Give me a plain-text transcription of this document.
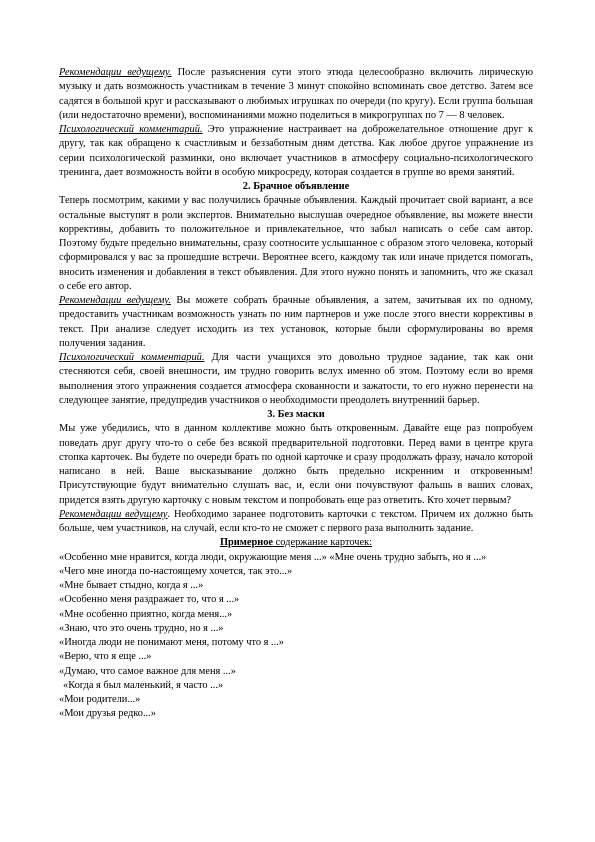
Рекомендации ведущему. После разъяснения сути этого этюда целесообразно включить лирическую музыку и дать возможность участникам в течение 3 минут спокойно вспоминать свое детство. Затем все садятся в большой круг и рассказывают о любимых игрушках по очереди (по кругу). Если группа большая (или недостаточно времени), воспоминаниями можно поделиться в микрогруппах по 7 — 8 человек.

Психологический комментарий. Это упражнение настраивает на доброжелательное отношение друг к другу, так как обращено к счастливым и беззаботным дням детства. Как любое другое упражнение из серии психологической разминки, оно включает участников в атмосферу социально-психологического тренинга, дает возможность войти в особую микросреду, которая создается в группе во время занятий.

2. Брачное объявление

Теперь посмотрим, какими у вас получились брачные объявления. Каждый прочитает свой вариант, а все остальные выступят в роли экспертов. Внимательно выслушав очередное объявление, вы можете внести коррективы, добавить то положительное и привлекательное, что забыл написать о себе сам автор. Поэтому будьте предельно внимательны, сразу соотносите услышанное с образом этого человека, который сформировался у вас за прошедшие встречи. Вероятнее всего, каждому так или иначе придется помогать, вносить изменения и добавления в текст объявления. Для этого нужно понять и запомнить, что же сказал о себе его автор.

Рекомендации ведущему. Вы можете собрать брачные объявления, а затем, зачитывая их по одному, предоставить участникам возможность узнать по ним партнеров и уже после этого внести коррективы в текст. При анализе следует исходить из тех установок, которые были сформулированы во время получения задания.

Психологический комментарий. Для части учащихся это довольно трудное задание, так как они стесняются себя, своей внешности, им трудно говорить вслух именно об этом. Поэтому если во время выполнения этого упражнения создается атмосфера скованности и зажатости, то его нужно перенести на следующее занятие, предупредив участников о необходимости преодолеть внутренний барьер.

3. Без маски

Мы уже убедились, что в данном коллективе можно быть откровенным. Давайте еще раз попробуем поведать друг другу что-то о себе без всякой предварительной подготовки. Перед вами в центре круга стопка карточек. Вы будете по очереди брать по одной карточке и сразу продолжать фразу, начало которой написано в ней. Ваше высказывание должно быть предельно искренним и откровенным! Присутствующие будут внимательно слушать вас, и, если они почувствуют фальшь в ваших словах, придется взять другую карточку с новым текстом и попробовать еще раз ответить. Кто хочет первым?

Рекомендации ведущему. Необходимо заранее подготовить карточки с текстом. Причем их должно быть больше, чем участников, на случай, если кто-то не сможет с первого раза выполнить задание.

Примерное содержание карточек:

«Особенно мне нравится, когда люди, окружающие меня ...» «Мне очень трудно забыть, но я ...»

«Чего мне иногда по-настоящему хочется, так это...»

«Мне бывает стыдно, когда я ...»

«Особенно меня раздражает то, что я ...»

«Мне особенно приятно, когда меня...»

«Знаю, что это очень трудно, но я ...»

«Иногда люди не понимают меня, потому что я ...»

«Верю, что я еще ...»

«Думаю, что самое важное для меня ...»

«Когда я был маленький, я часто ...»

«Мои родители...»

«Мои друзья редко...»
